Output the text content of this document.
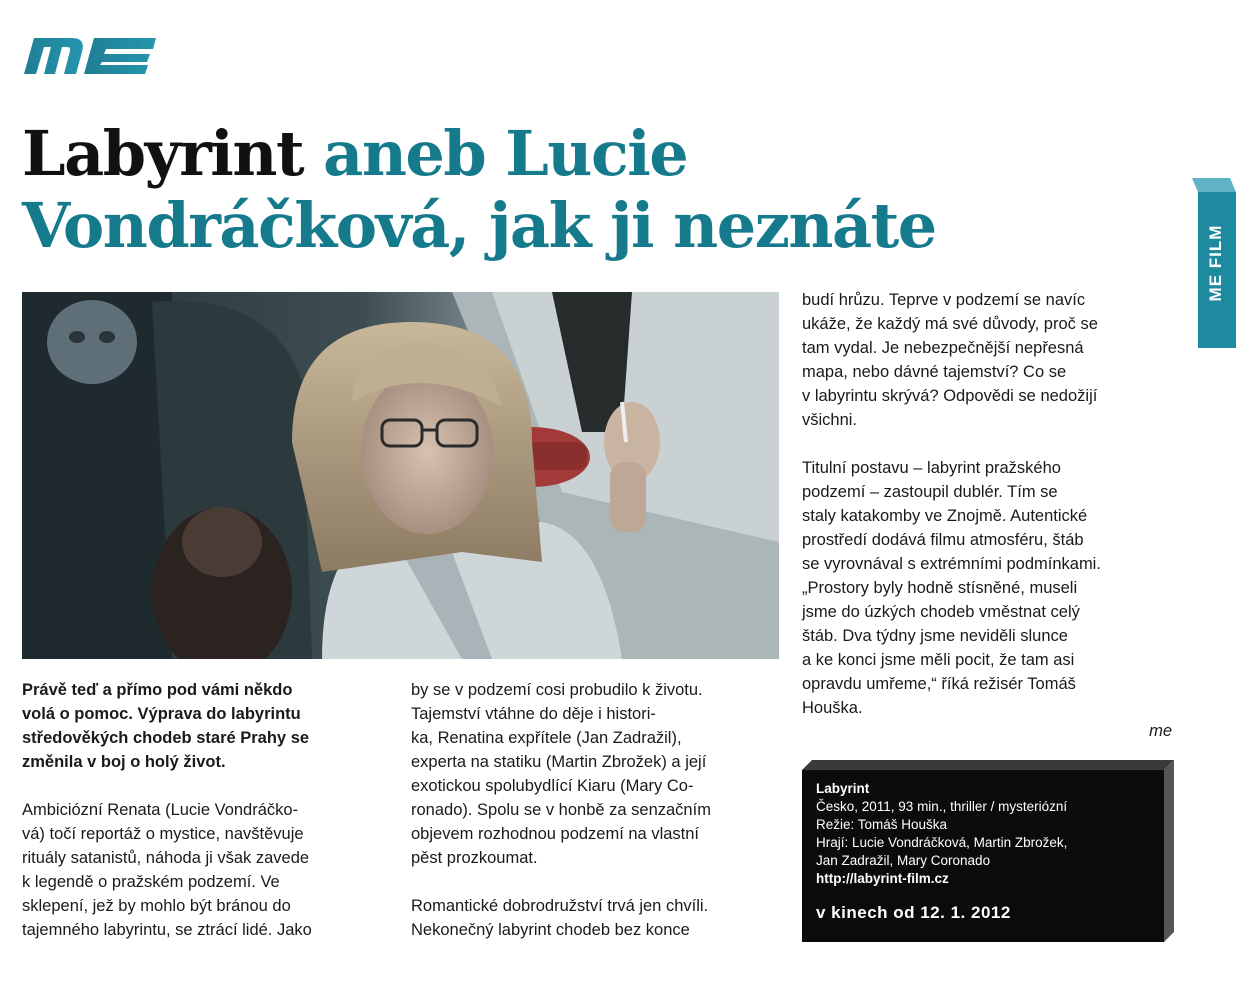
Labyrint aneb Lucie
Vondráčková, jak ji neznáte	ME FILM

Právě teď a přímo pod vámi někdo
volá o pomoc. Výprava do labyrintu
středověkých chodeb staré Prahy se
změnila v boj o holý život.

Ambiciózní Renata (Lucie Vondráčko-
vá) točí reportáž o mystice, navštěvuje
rituály satanistů, náhoda ji však zavede
k legendě o pražském podzemí. Ve
sklepení, jež by mohlo být bránou do
tajemného labyrintu, se ztrácí lidé. Jako

by se v podzemí cosi probudilo k životu.
Tajemství vtáhne do děje i histori-
ka, Renatina expřítele (Jan Zadražil),
experta na statiku (Martin Zbrožek) a její
exotickou spolubydlící Kiaru (Mary Co-
ronado). Spolu se v honbě za senzačním
objevem rozhodnou podzemí na vlastní
pěst prozkoumat.

Romantické dobrodružství trvá jen chvíli.
Nekonečný labyrint chodeb bez konce

budí hrůzu. Teprve v podzemí se navíc
ukáže, že každý má své důvody, proč se
tam vydal. Je nebezpečnější nepřesná
mapa, nebo dávné tajemství? Co se
v labyrintu skrývá? Odpovědi se nedožijí
všichni.

Titulní postavu – labyrint pražského
podzemí – zastoupil dublér. Tím se
staly katakomby ve Znojmě. Autentické
prostředí dodává filmu atmosféru, štáb
se vyrovnával s extrémními podmínkami.
„Prostory byly hodně stísněné, museli
jsme do úzkých chodeb vměstnat celý
štáb. Dva týdny jsme neviděli slunce
a ke konci jsme měli pocit, že tam asi
opravdu umřeme,“ říká režisér Tomáš
Houška.

me
Labyrint
Česko, 2011, 93 min., thriller / mysteriózní
Režie: Tomáš Houška
Hrají: Lucie Vondráčková, Martin Zbrožek,
Jan Zadražil, Mary Coronado
http://labyrint-film.cz
v kinech od 12. 1. 2012
